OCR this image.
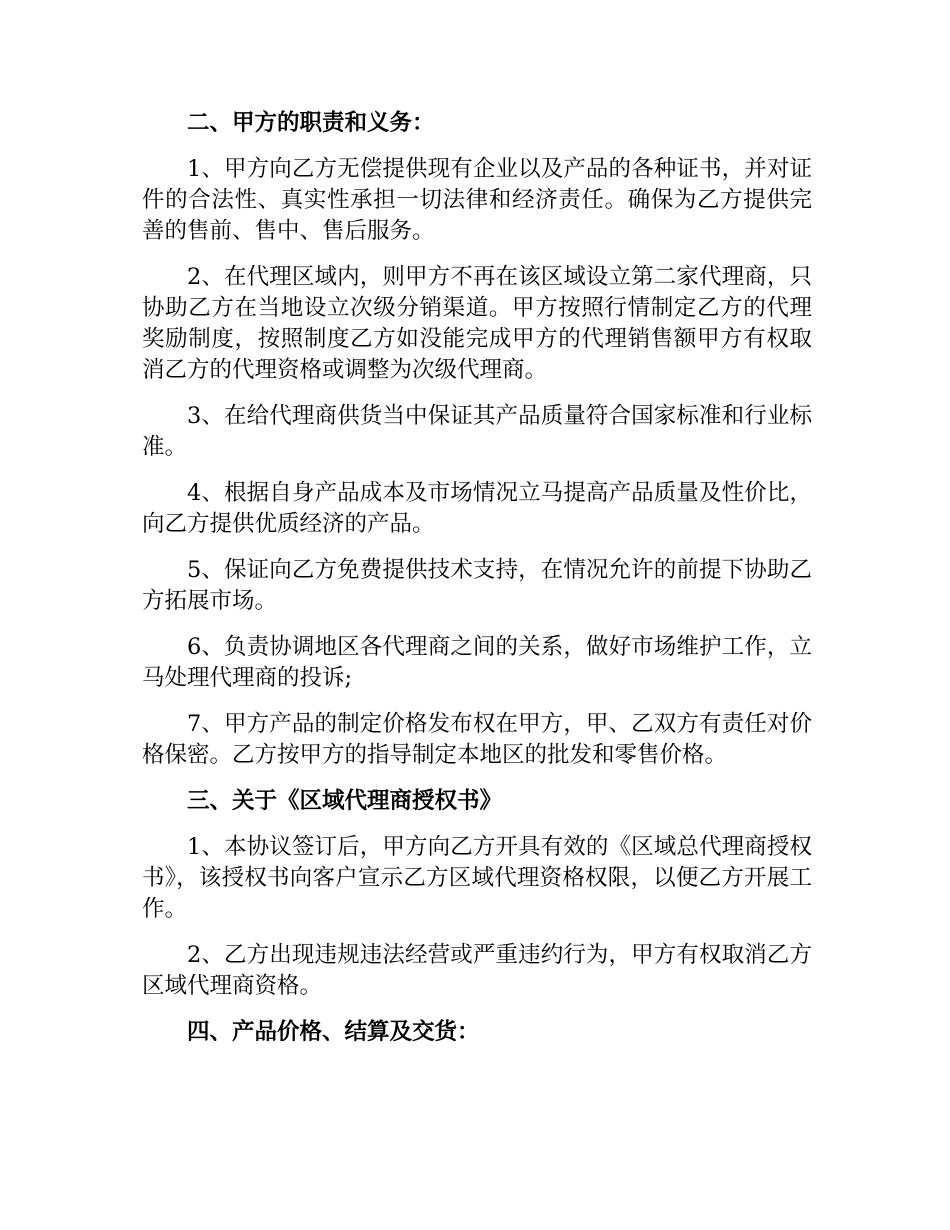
二、甲方的职责和义务：

1、甲方向乙方无偿提供现有企业以及产品的各种证书，并对证件的合法性、真实性承担一切法律和经济责任。确保为乙方提供完善的售前、售中、售后服务。

2、在代理区域内，则甲方不再在该区域设立第二家代理商，只协助乙方在当地设立次级分销渠道。甲方按照行情制定乙方的代理奖励制度，按照制度乙方如没能完成甲方的代理销售额甲方有权取消乙方的代理资格或调整为次级代理商。

3、在给代理商供货当中保证其产品质量符合国家标准和行业标准。

4、根据自身产品成本及市场情况立马提高产品质量及性价比，向乙方提供优质经济的产品。

5、保证向乙方免费提供技术支持，在情况允许的前提下协助乙方拓展市场。

6、负责协调地区各代理商之间的关系，做好市场维护工作，立马处理代理商的投诉;

7、甲方产品的制定价格发布权在甲方，甲、乙双方有责任对价格保密。乙方按甲方的指导制定本地区的批发和零售价格。

三、关于《区域代理商授权书》

1、本协议签订后，甲方向乙方开具有效的《区域总代理商授权书》，该授权书向客户宣示乙方区域代理资格权限，以便乙方开展工作。

2、乙方出现违规违法经营或严重违约行为，甲方有权取消乙方区域代理商资格。

四、产品价格、结算及交货：
